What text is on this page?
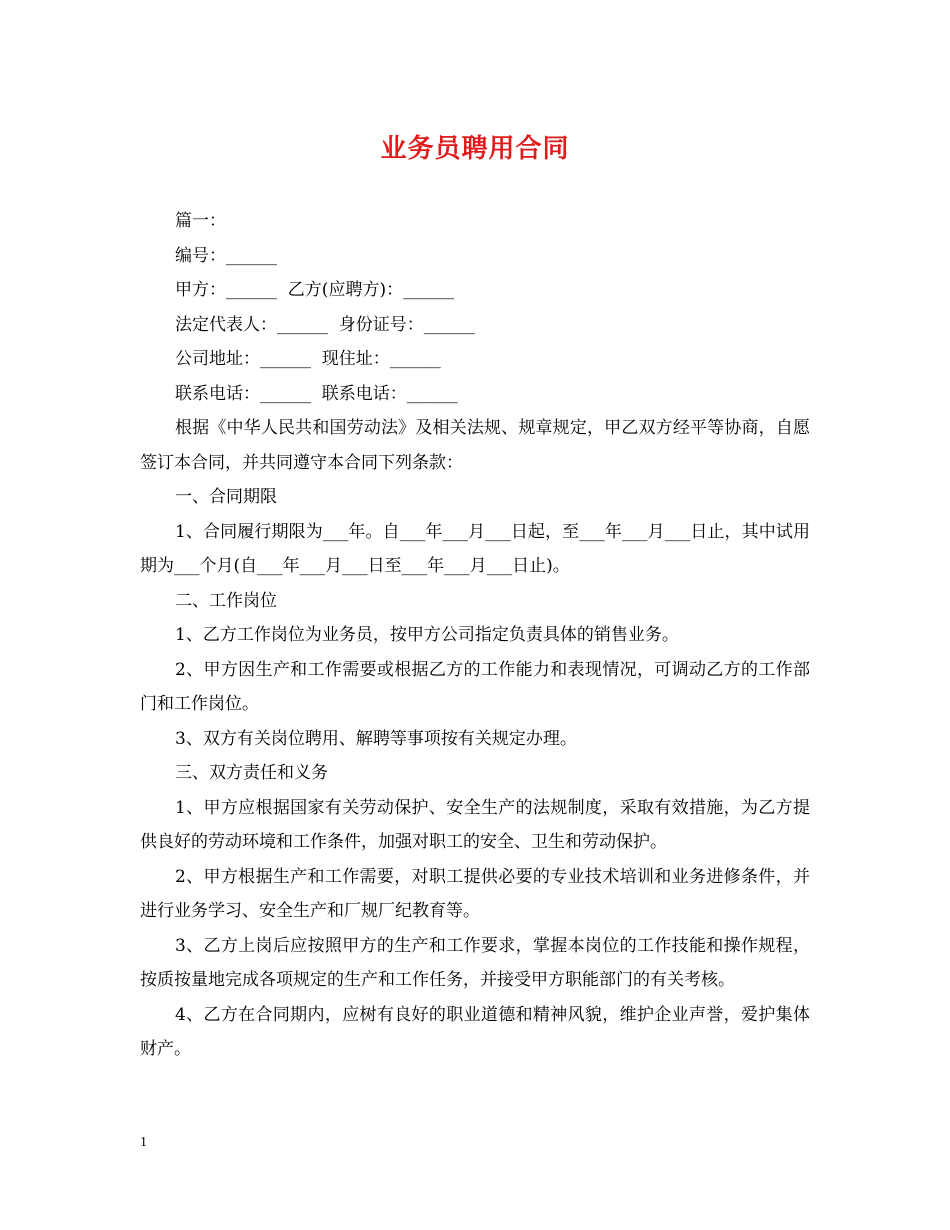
业务员聘用合同

篇一：

编号：______

甲方：______  乙方(应聘方)：______

法定代表人：______  身份证号：______

公司地址：______  现住址：______

联系电话：______  联系电话：______

根据《中华人民共和国劳动法》及相关法规、规章规定，甲乙双方经平等协商，自愿签订本合同，并共同遵守本合同下列条款：

一、合同期限

1、合同履行期限为___年。自___年___月___日起，至___年___月___日止，其中试用期为___个月(自___年___月___日至___年___月___日止)。

二、工作岗位

1、乙方工作岗位为业务员，按甲方公司指定负责具体的销售业务。

2、甲方因生产和工作需要或根据乙方的工作能力和表现情况，可调动乙方的工作部门和工作岗位。

3、双方有关岗位聘用、解聘等事项按有关规定办理。

三、双方责任和义务

1、甲方应根据国家有关劳动保护、安全生产的法规制度，采取有效措施，为乙方提供良好的劳动环境和工作条件，加强对职工的安全、卫生和劳动保护。

2、甲方根据生产和工作需要，对职工提供必要的专业技术培训和业务进修条件，并进行业务学习、安全生产和厂规厂纪教育等。

3、乙方上岗后应按照甲方的生产和工作要求，掌握本岗位的工作技能和操作规程，按质按量地完成各项规定的生产和工作任务，并接受甲方职能部门的有关考核。

4、乙方在合同期内，应树有良好的职业道德和精神风貌，维护企业声誉，爱护集体财产。

1
